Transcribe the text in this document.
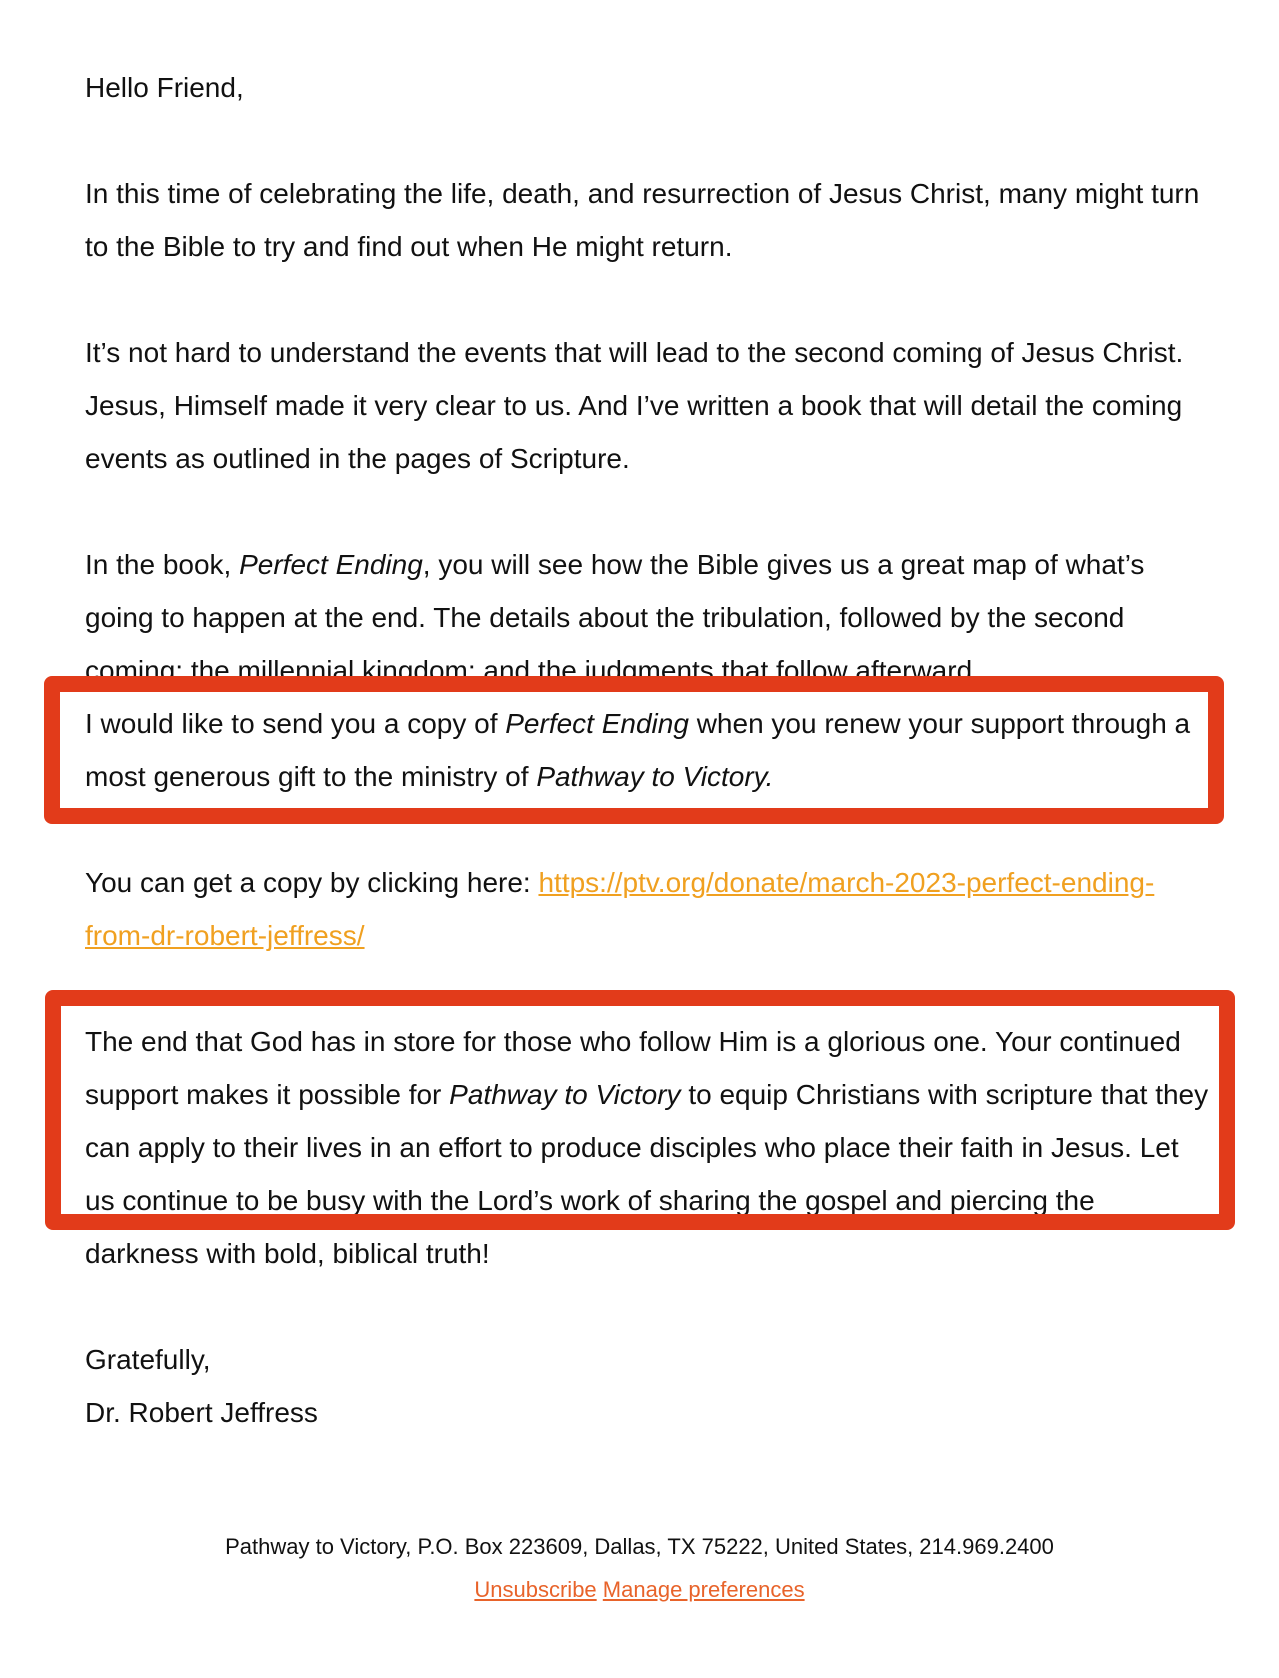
Hello Friend,

In this time of celebrating the life, death, and resurrection of Jesus Christ, many might turn to the Bible to try and find out when He might return.

It’s not hard to understand the events that will lead to the second coming of Jesus Christ. Jesus, Himself made it very clear to us. And I’ve written a book that will detail the coming events as outlined in the pages of Scripture.

In the book, Perfect Ending, you will see how the Bible gives us a great map of what’s going to happen at the end. The details about the tribulation, followed by the second coming; the millennial kingdom; and the judgments that follow afterward.

I would like to send you a copy of Perfect Ending when you renew your support through a most generous gift to the ministry of Pathway to Victory.

You can get a copy by clicking here: https://ptv.org/donate/march-2023-perfect-ending-from-dr-robert-jeffress/

The end that God has in store for those who follow Him is a glorious one. Your continued support makes it possible for Pathway to Victory to equip Christians with scripture that they can apply to their lives in an effort to produce disciples who place their faith in Jesus. Let us continue to be busy with the Lord’s work of sharing the gospel and piercing the darkness with bold, biblical truth!

Gratefully,

Dr. Robert Jeffress

Pathway to Victory, P.O. Box 223609, Dallas, TX 75222, United States, 214.969.2400
Unsubscribe Manage preferences
